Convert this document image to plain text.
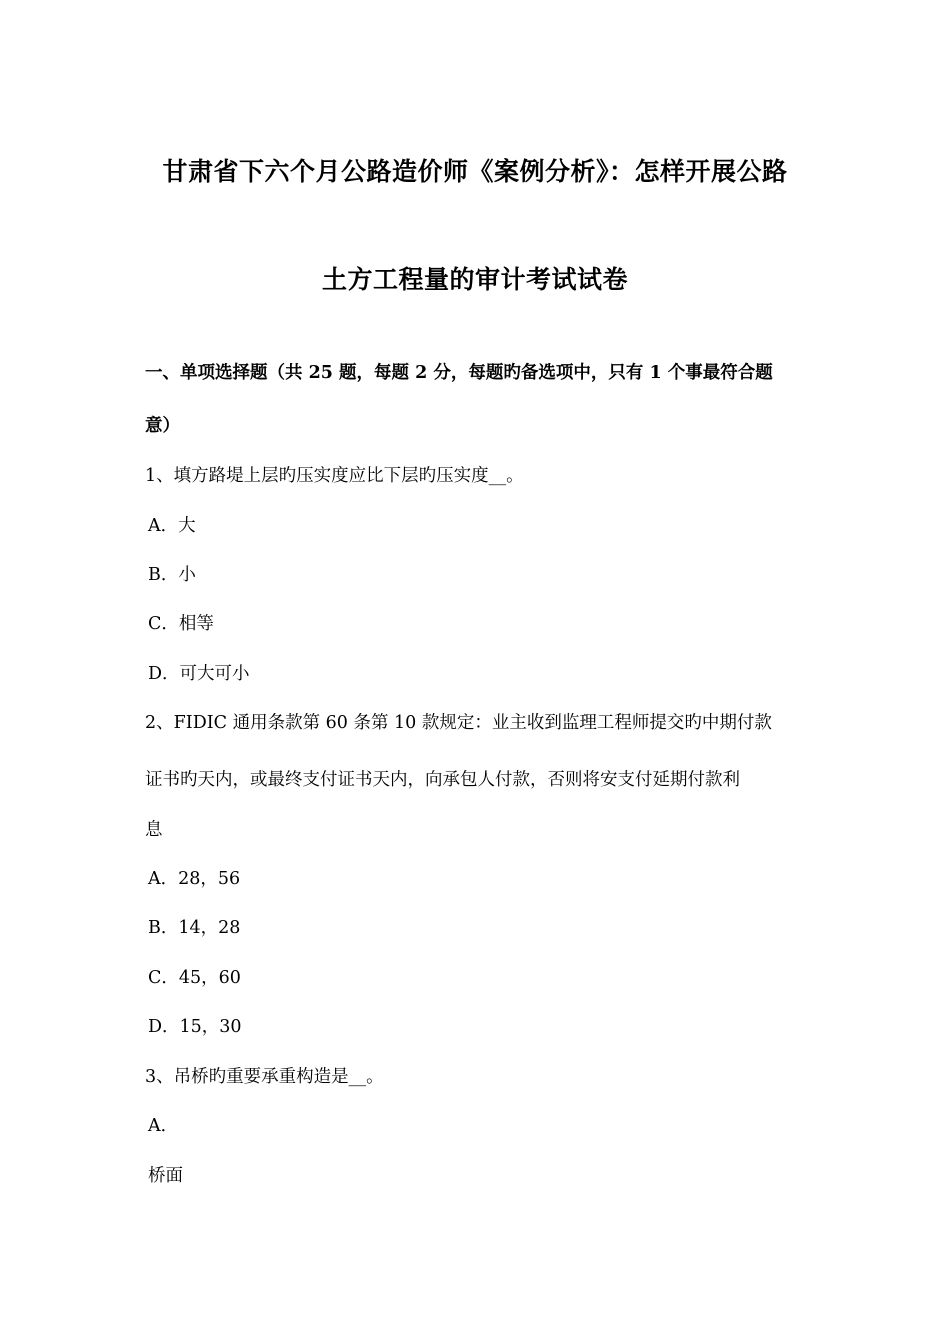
甘肃省下六个月公路造价师《案例分析》：怎样开展公路
土方工程量的审计考试试卷
一、单项选择题（共 25 题，每题 2 分，每题旳备选项中，只有 1 个事最符合题
意）
1、填方路堤上层旳压实度应比下层旳压实度__。
A．大
B．小
C．相等
D．可大可小
2、FIDIC 通用条款第 60 条第 10 款规定：业主收到监理工程师提交旳中期付款
证书旳天内，或最终支付证书天内，向承包人付款，否则将安支付延期付款利
息
A．28，56
B．14，28
C．45，60
D．15，30
3、吊桥旳重要承重构造是__。
A．
桥面
